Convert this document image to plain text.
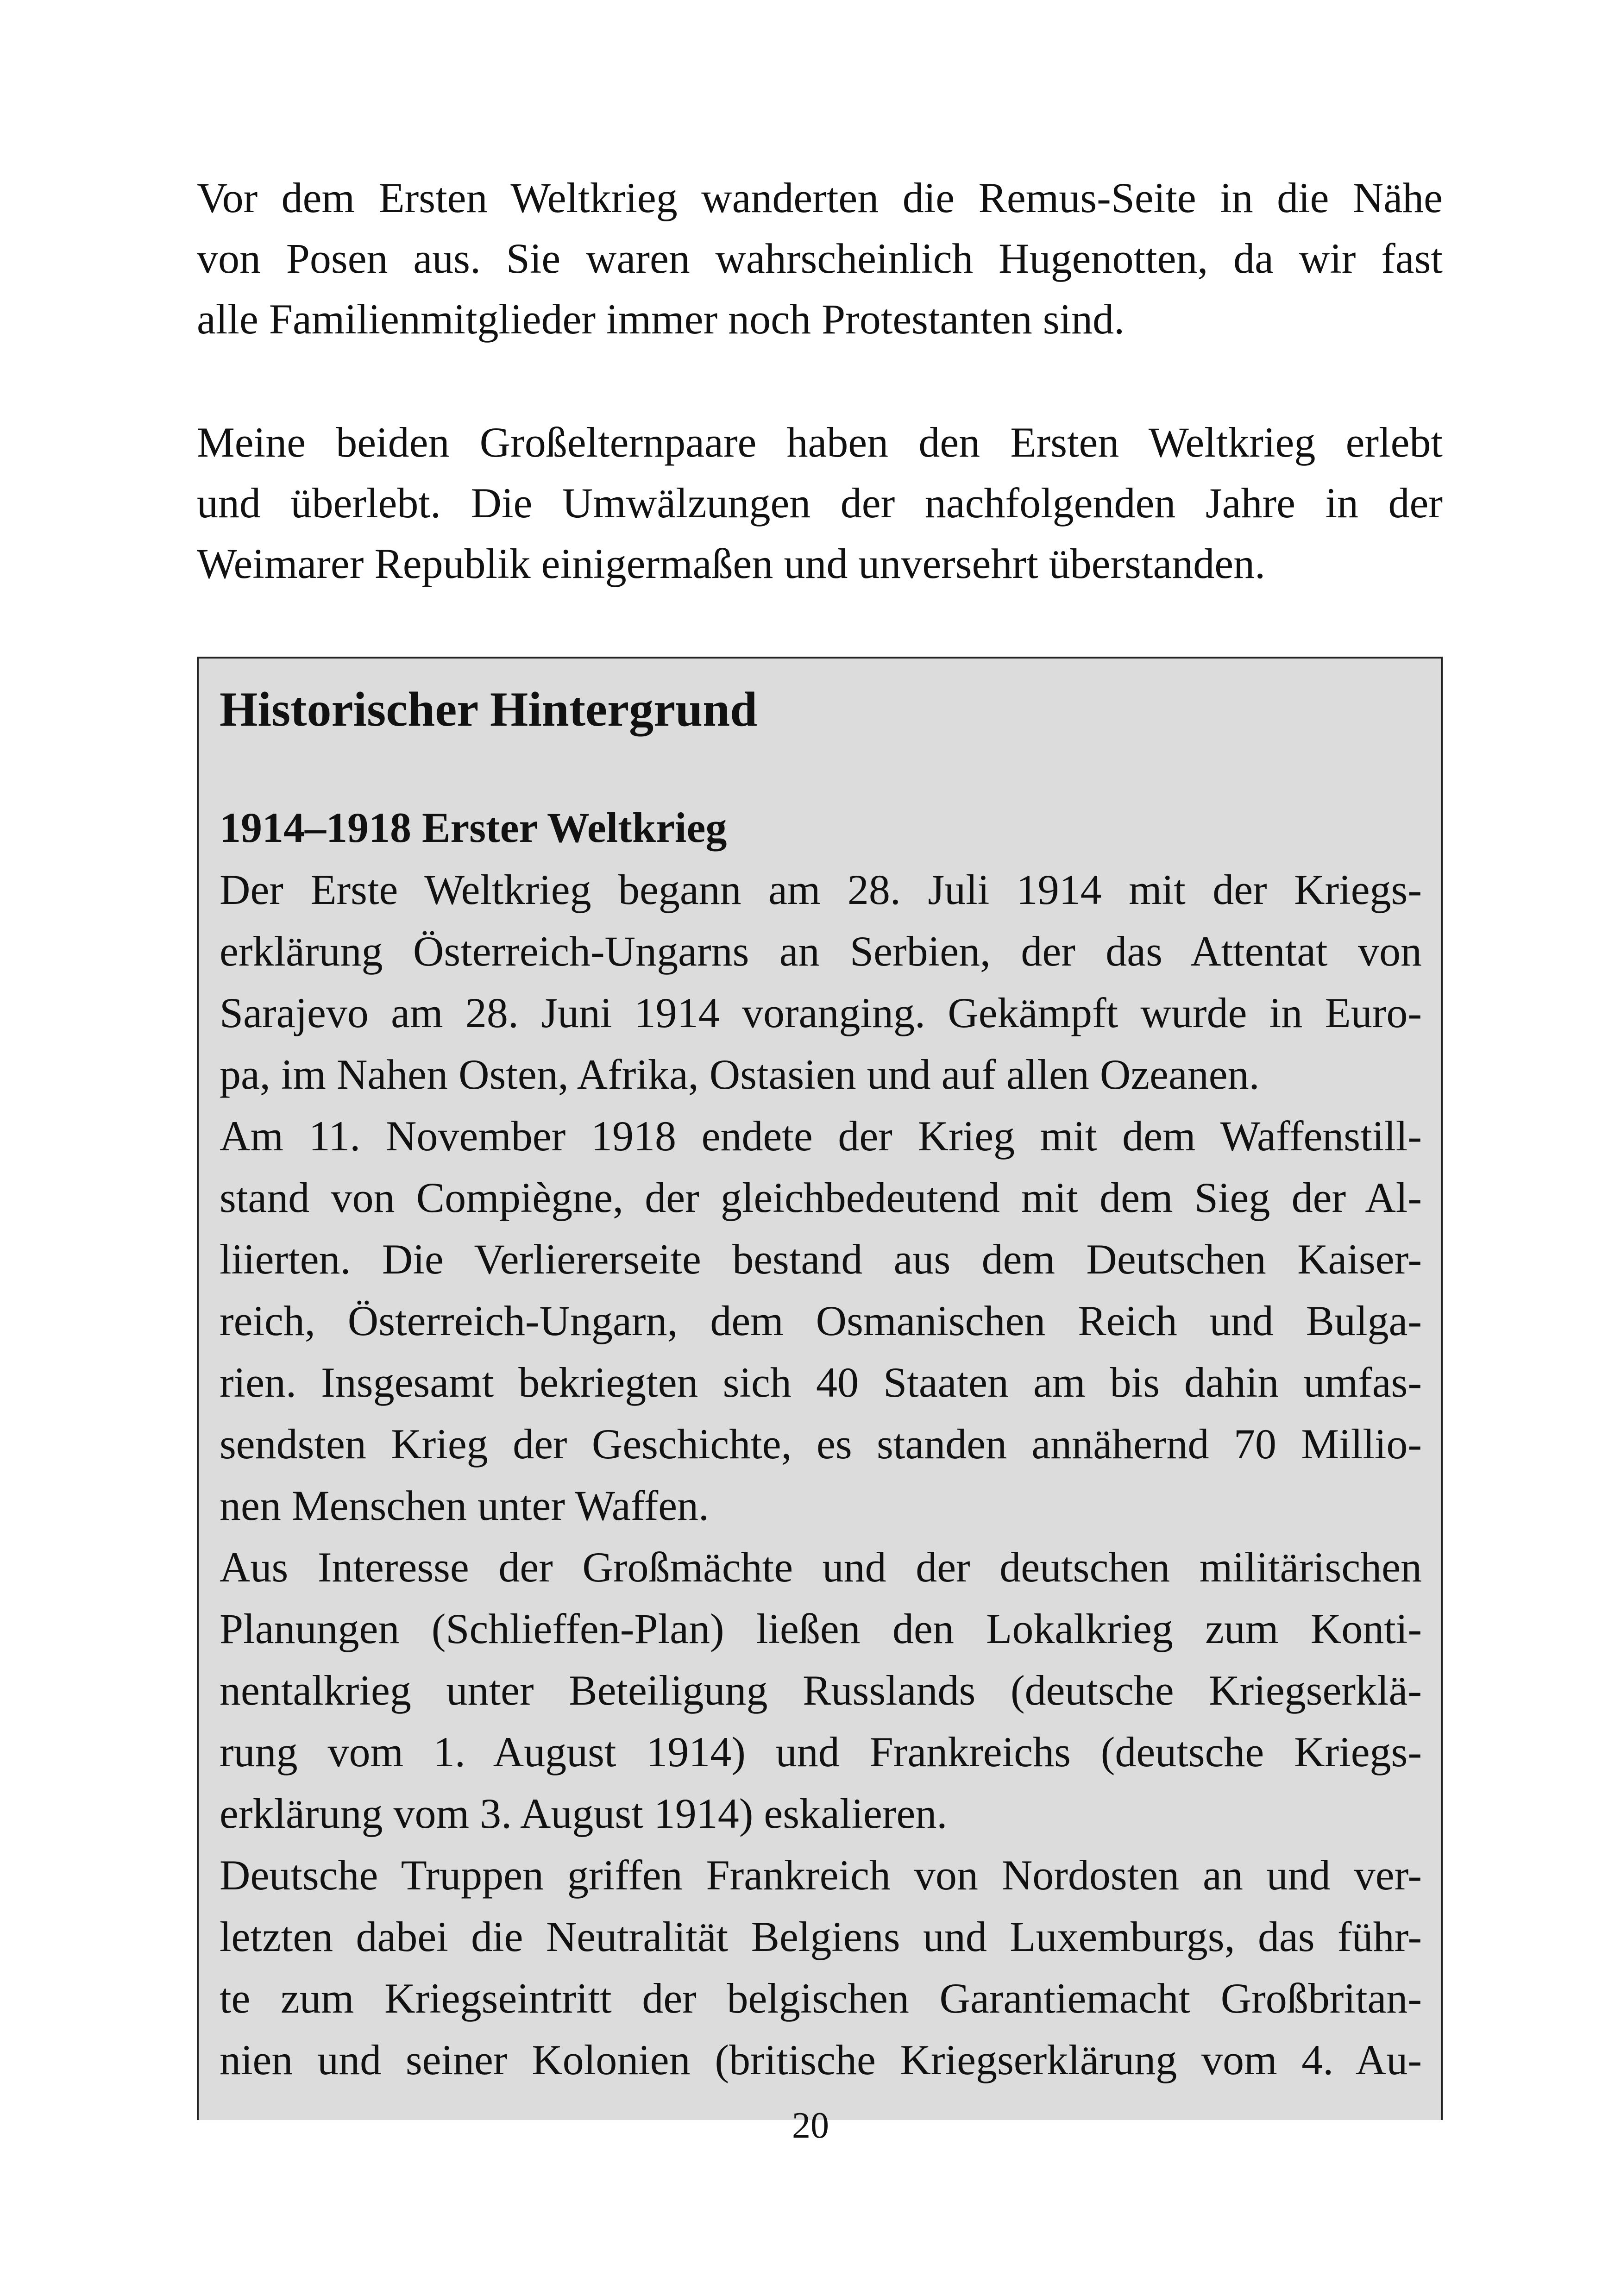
Vor dem Ersten Weltkrieg wanderten die Remus-Seite in die Nähe
von Posen aus. Sie waren wahrscheinlich Hugenotten, da wir fast
alle Familienmitglieder immer noch Protestanten sind.

Meine beiden Großelternpaare haben den Ersten Weltkrieg erlebt
und überlebt. Die Umwälzungen der nachfolgenden Jahre in der
Weimarer Republik einigermaßen und unversehrt überstanden.

Historischer Hintergrund
1914–1918 Erster Weltkrieg

Der Erste Weltkrieg begann am 28. Juli 1914 mit der Kriegs-
erklärung Österreich-Ungarns an Serbien, der das Attentat von
Sarajevo am 28. Juni 1914 voranging. Gekämpft wurde in Euro-
pa, im Nahen Osten, Afrika, Ostasien und auf allen Ozeanen.
Am 11. November 1918 endete der Krieg mit dem Waffenstill-
stand von Compiègne, der gleichbedeutend mit dem Sieg der Al-
liierten. Die Verliererseite bestand aus dem Deutschen Kaiser-
reich, Österreich-Ungarn, dem Osmanischen Reich und Bulga-
rien. Insgesamt bekriegten sich 40 Staaten am bis dahin umfas-
sendsten Krieg der Geschichte, es standen annähernd 70 Millio-
nen Menschen unter Waffen.
Aus Interesse der Großmächte und der deutschen militärischen
Planungen (Schlieffen-Plan) ließen den Lokalkrieg zum Konti-
nentalkrieg unter Beteiligung Russlands (deutsche Kriegserklä-
rung vom 1. August 1914) und Frankreichs (deutsche Kriegs-
erklärung vom 3. August 1914) eskalieren.
Deutsche Truppen griffen Frankreich von Nordosten an und ver-
letzten dabei die Neutralität Belgiens und Luxemburgs, das führ-
te zum Kriegseintritt der belgischen Garantiemacht Großbritan-
nien und seiner Kolonien (britische Kriegserklärung vom 4. Au-

20
